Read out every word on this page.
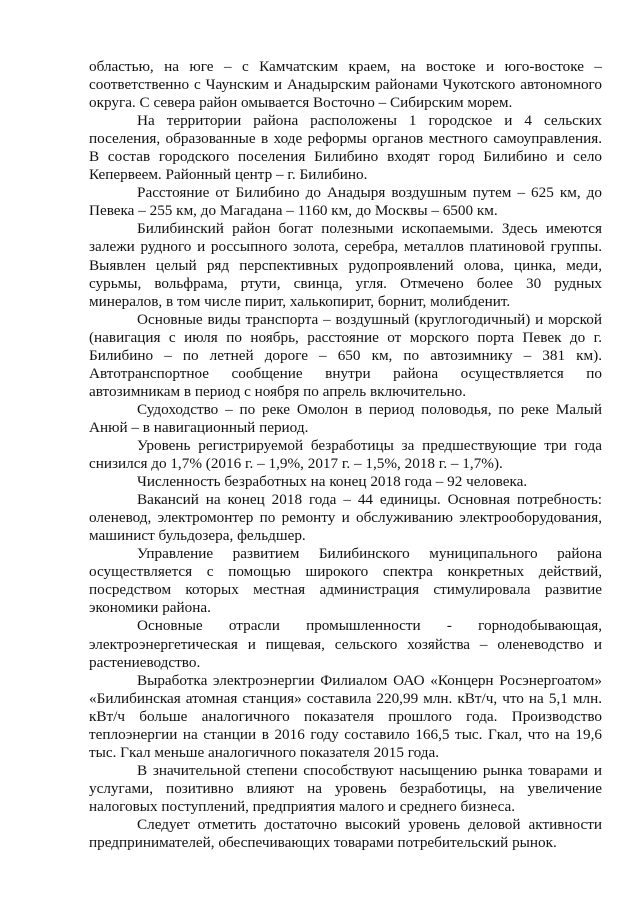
областью, на юге – с Камчатским краем, на востоке и юго-востоке – соответственно с Чаунским и Анадырским районами Чукотского автономного округа. С севера район омывается Восточно – Сибирским морем.

На территории района расположены 1 городское и 4 сельских поселения, образованные в ходе реформы органов местного самоуправления. В состав городского поселения Билибино входят город Билибино и село Кепервеем. Районный центр – г. Билибино.

Расстояние от Билибино до Анадыря воздушным путем – 625 км, до Певека – 255 км, до Магадана – 1160 км, до Москвы – 6500 км.

Билибинский район богат полезными ископаемыми. Здесь имеются залежи рудного и россыпного золота, серебра, металлов платиновой группы. Выявлен целый ряд перспективных рудопроявлений олова, цинка, меди, сурьмы, вольфрама, ртути, свинца, угля. Отмечено более 30 рудных минералов, в том числе пирит, халькопирит, борнит, молибденит.

Основные виды транспорта – воздушный (круглогодичный) и морской (навигация с июля по ноябрь, расстояние от морского порта Певек до г. Билибино – по летней дороге – 650 км, по автозимнику – 381 км). Автотранспортное сообщение внутри района осуществляется по автозимникам в период с ноября по апрель включительно.

Судоходство – по реке Омолон в период половодья, по реке Малый Анюй – в навигационный период.

Уровень регистрируемой безработицы за предшествующие три года снизился до 1,7% (2016 г. – 1,9%, 2017 г. – 1,5%, 2018 г. – 1,7%).

Численность безработных на конец 2018 года – 92 человека.

Вакансий на конец 2018 года – 44 единицы. Основная потребность: оленевод, электромонтер по ремонту и обслуживанию электрооборудования, машинист бульдозера, фельдшер.

Управление развитием Билибинского муниципального района осуществляется с помощью широкого спектра конкретных действий, посредством которых местная администрация стимулировала развитие экономики района.

Основные отрасли промышленности - горнодобывающая, электроэнергетическая и пищевая, сельского хозяйства – оленеводство и растениеводство.

Выработка электроэнергии Филиалом ОАО «Концерн Росэнергоатом» «Билибинская атомная станция» составила 220,99 млн. кВт/ч, что на 5,1 млн. кВт/ч больше аналогичного показателя прошлого года. Производство теплоэнергии на станции в 2016 году составило 166,5 тыс. Гкал, что на 19,6 тыс. Гкал меньше аналогичного показателя 2015 года.

В значительной степени способствуют насыщению рынка товарами и услугами, позитивно влияют на уровень безработицы, на увеличение налоговых поступлений, предприятия малого и среднего бизнеса.

Следует отметить достаточно высокий уровень деловой активности предпринимателей, обеспечивающих товарами потребительский рынок.
